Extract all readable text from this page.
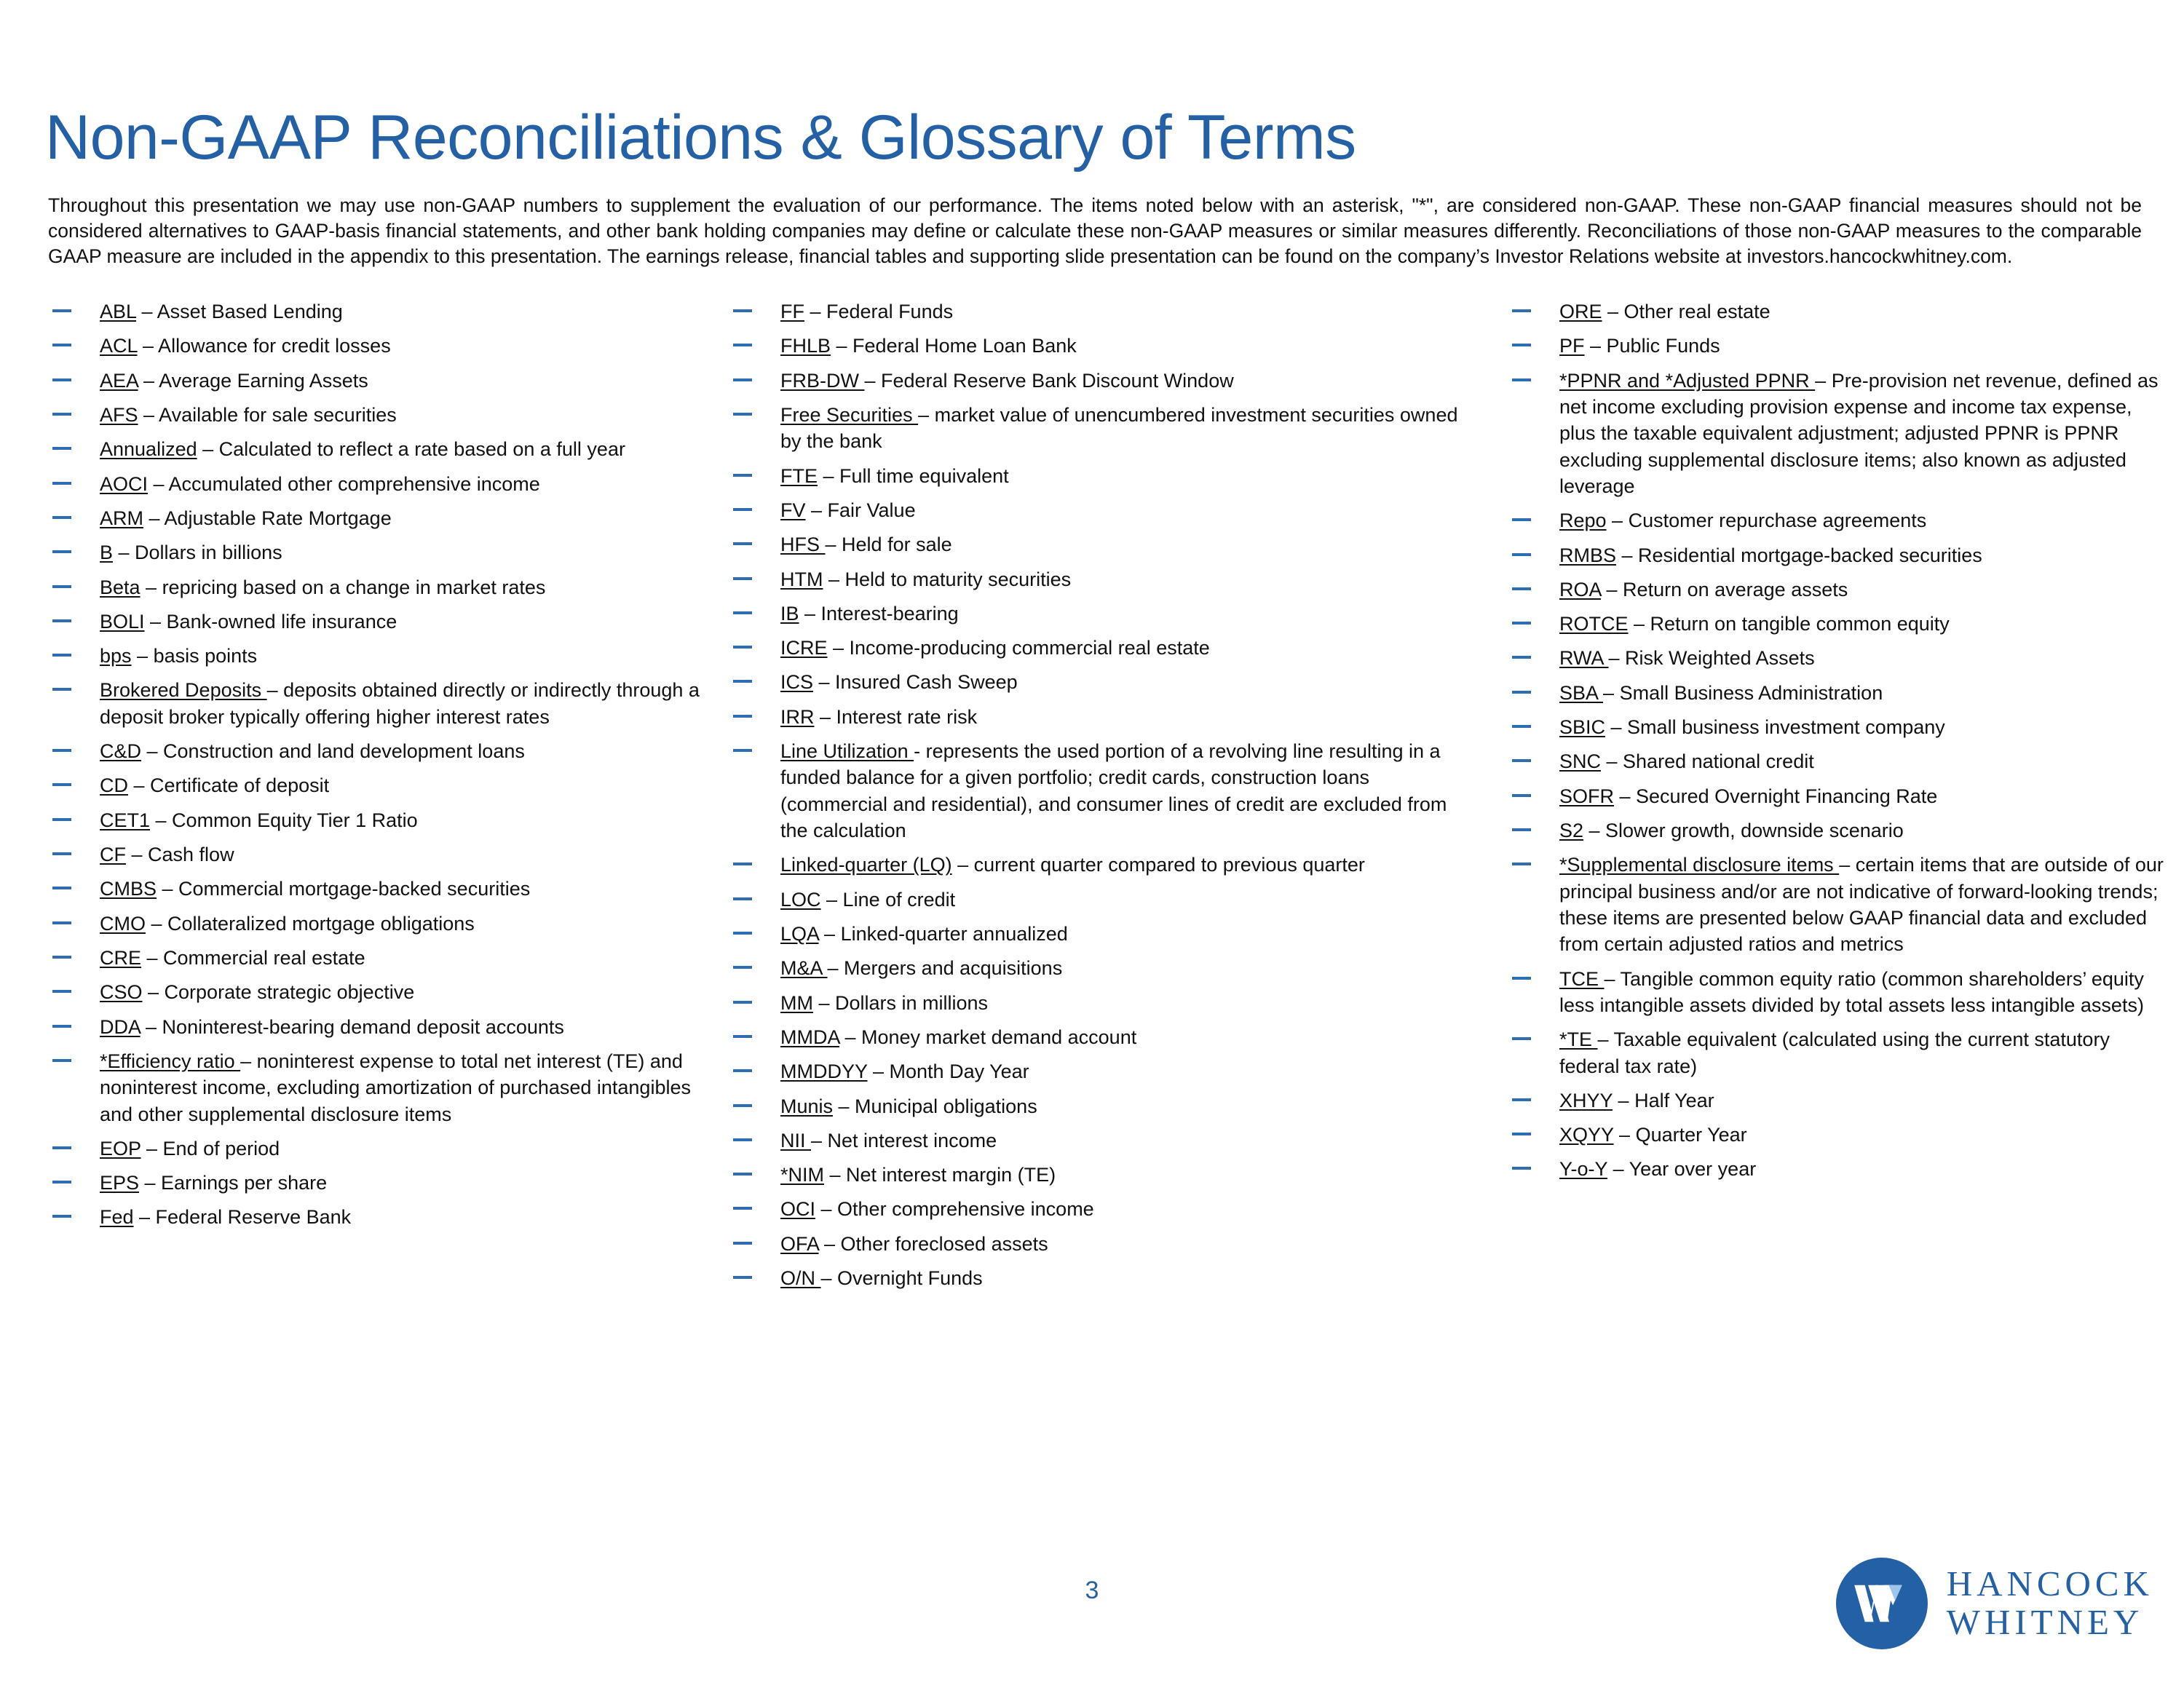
Non-GAAP Reconciliations & Glossary of Terms

Throughout this presentation we may use non-GAAP numbers to supplement the evaluation of our performance. The items noted below with an asterisk, "*", are considered non-GAAP. These non-GAAP financial measures should not be considered alternatives to GAAP-basis financial statements, and other bank holding companies may define or calculate these non-GAAP measures or similar measures differently. Reconciliations of those non-GAAP measures to the comparable GAAP measure are included in the appendix to this presentation. The earnings release, financial tables and supporting slide presentation can be found on the company’s Investor Relations website at investors.hancockwhitney.com.

ABL – Asset Based Lending
ACL – Allowance for credit losses
AEA – Average Earning Assets
AFS – Available for sale securities
Annualized – Calculated to reflect a rate based on a full year
AOCI – Accumulated other comprehensive income
ARM – Adjustable Rate Mortgage
B – Dollars in billions
Beta – repricing based on a change in market rates
BOLI – Bank-owned life insurance
bps – basis points
Brokered Deposits – deposits obtained directly or indirectly through a deposit broker typically offering higher interest rates
C&D – Construction and land development loans
CD – Certificate of deposit
CET1 – Common Equity Tier 1 Ratio
CF – Cash flow
CMBS – Commercial mortgage-backed securities
CMO – Collateralized mortgage obligations
CRE – Commercial real estate
CSO – Corporate strategic objective
DDA – Noninterest-bearing demand deposit accounts
*Efficiency ratio – noninterest expense to total net interest (TE) and noninterest income, excluding amortization of purchased intangibles and other supplemental disclosure items
EOP – End of period
EPS – Earnings per share
Fed – Federal Reserve Bank
FF – Federal Funds
FHLB – Federal Home Loan Bank
FRB-DW – Federal Reserve Bank Discount Window
Free Securities – market value of unencumbered investment securities owned by the bank
FTE – Full time equivalent
FV – Fair Value
HFS – Held for sale
HTM – Held to maturity securities
IB – Interest-bearing
ICRE – Income-producing commercial real estate
ICS – Insured Cash Sweep
IRR – Interest rate risk
Line Utilization - represents the used portion of a revolving line resulting in a funded balance for a given portfolio; credit cards, construction loans (commercial and residential), and consumer lines of credit are excluded from the calculation
Linked-quarter (LQ) – current quarter compared to previous quarter
LOC – Line of credit
LQA – Linked-quarter annualized
M&A – Mergers and acquisitions
MM – Dollars in millions
MMDA – Money market demand account
MMDDYY – Month Day Year
Munis – Municipal obligations
NII – Net interest income
*NIM – Net interest margin (TE)
OCI – Other comprehensive income
OFA – Other foreclosed assets
O/N – Overnight Funds
ORE – Other real estate
PF – Public Funds
*PPNR and *Adjusted PPNR – Pre-provision net revenue, defined as net income excluding provision expense and income tax expense, plus the taxable equivalent adjustment; adjusted PPNR is PPNR excluding supplemental disclosure items; also known as adjusted leverage
Repo – Customer repurchase agreements
RMBS – Residential mortgage-backed securities
ROA – Return on average assets
ROTCE – Return on tangible common equity
RWA – Risk Weighted Assets
SBA – Small Business Administration
SBIC – Small business investment company
SNC – Shared national credit
SOFR – Secured Overnight Financing Rate
S2 – Slower growth, downside scenario
*Supplemental disclosure items – certain items that are outside of our principal business and/or are not indicative of forward-looking trends; these items are presented below GAAP financial data and excluded from certain adjusted ratios and metrics
TCE – Tangible common equity ratio (common shareholders’ equity less intangible assets divided by total assets less intangible assets)
*TE – Taxable equivalent (calculated using the current statutory federal tax rate)
XHYY – Half Year
XQYY – Quarter Year
Y-o-Y – Year over year
3	HANCOCK
WHITNEY
